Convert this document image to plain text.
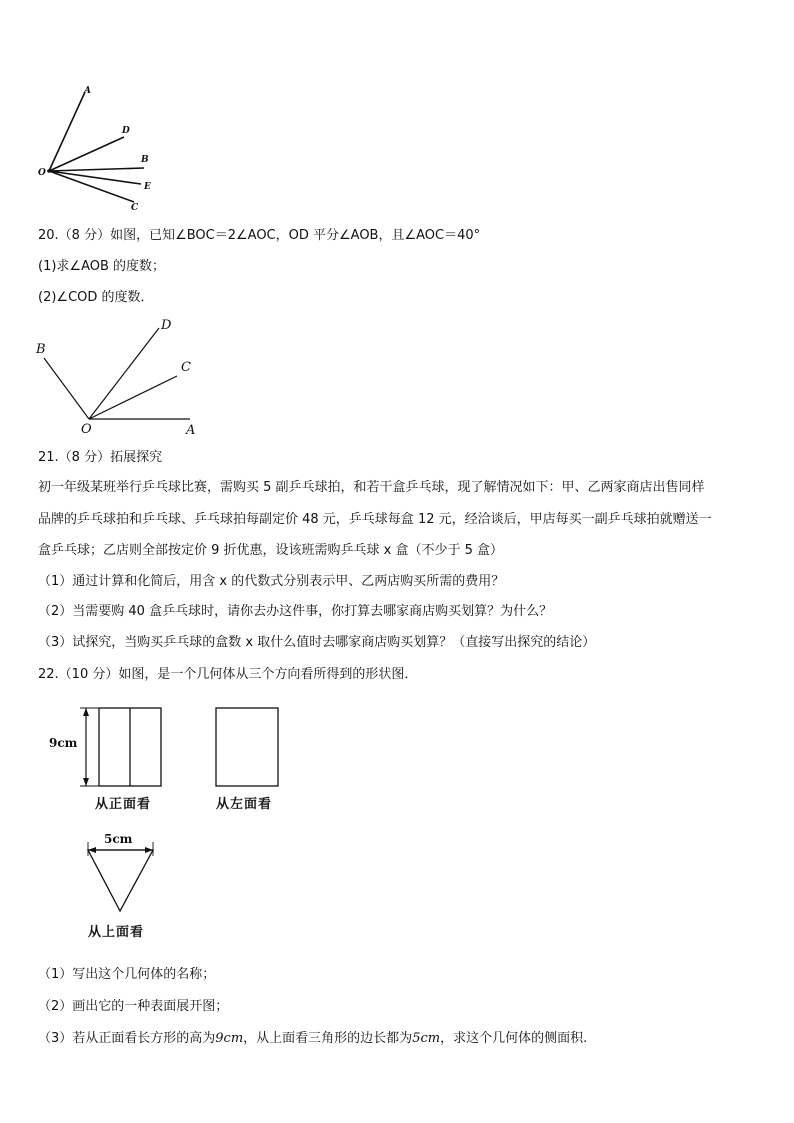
O
A
D
B
E
C
20.（8 分）如图，已知∠BOC＝2∠AOC，OD 平分∠AOB，且∠AOC＝40°
(1)求∠AOB 的度数；
(2)∠COD 的度数．
B
D
C
O	A
21.（8 分）拓展探究
初一年级某班举行乒乓球比赛，需购买 5 副乒乓球拍，和若干盒乒乓球，现了解情况如下：甲、乙两家商店出售同样
品牌的乒乓球拍和乒乓球、乒乓球拍每副定价 48 元，乒乓球每盒 12 元，经洽谈后，甲店每买一副乒乓球拍就赠送一
盒乒乓球；乙店则全部按定价 9 折优惠，设该班需购乒乓球 x 盒（不少于 5 盒）
（1）通过计算和化简后，用含 x 的代数式分别表示甲、乙两店购买所需的费用？
（2）当需要购 40 盒乒乓球时，请你去办这件事，你打算去哪家商店购买划算？为什么？
（3）试探究，当购买乒乓球的盒数 x 取什么值时去哪家商店购买划算？（直接写出探究的结论）
22.（10 分）如图，是一个几何体从三个方向看所得到的形状图．
9cm
从正面看	从左面看
5cm
从上面看
（1）写出这个几何体的名称；
（2）画出它的一种表面展开图；
（3）若从正面看长方形的高为9cm，从上面看三角形的边长都为5cm，求这个几何体的侧面积.
